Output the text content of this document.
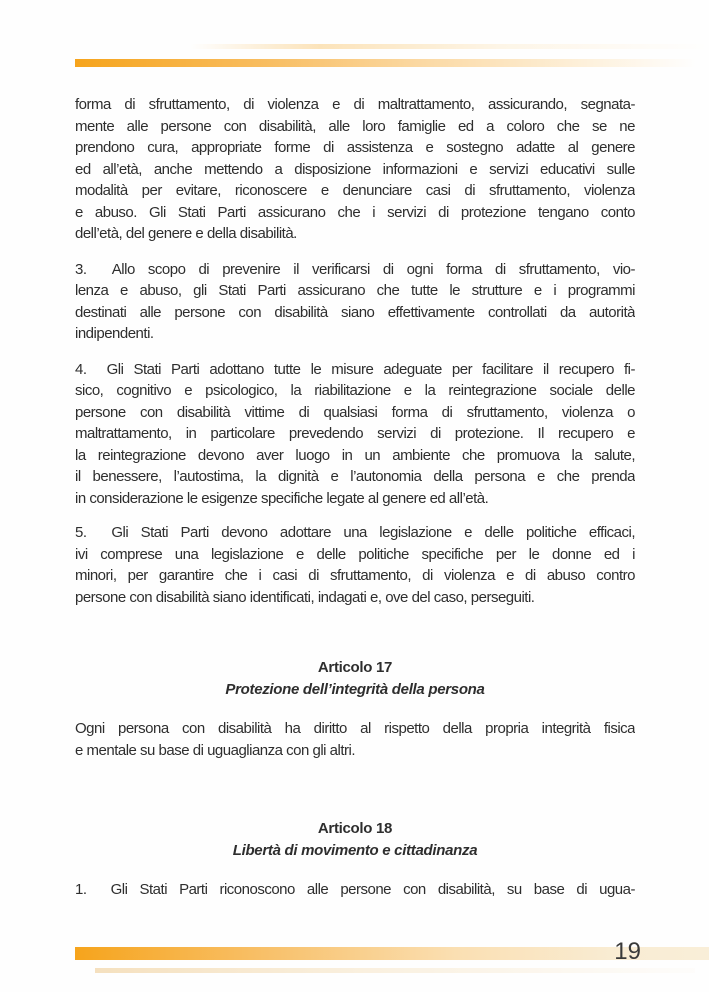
forma di sfruttamento, di violenza e di maltrattamento, assicurando, segnata-
mente alle persone con disabilità, alle loro famiglie ed a coloro che se ne
prendono cura, appropriate forme di assistenza e sostegno adatte al genere
ed all’età, anche mettendo a disposizione informazioni e servizi educativi sulle
modalità per evitare, riconoscere e denunciare casi di sfruttamento, violenza
e abuso. Gli Stati Parti assicurano che i servizi di protezione tengano conto
dell’età, del genere e della disabilità.
3.  Allo scopo di prevenire il verificarsi di ogni forma di sfruttamento, vio-
lenza e abuso, gli Stati Parti assicurano che tutte le strutture e i programmi
destinati alle persone con disabilità siano effettivamente controllati da autorità
indipendenti.
4.  Gli Stati Parti adottano tutte le misure adeguate per facilitare il recupero fi-
sico, cognitivo e psicologico, la riabilitazione e la reintegrazione sociale delle
persone con disabilità vittime di qualsiasi forma di sfruttamento, violenza o
maltrattamento, in particolare prevedendo servizi di protezione. Il recupero e
la reintegrazione devono aver luogo in un ambiente che promuova la salute,
il benessere, l’autostima, la dignità e l’autonomia della persona e che prenda
in considerazione le esigenze specifiche legate al genere ed all’età.
5.  Gli Stati Parti devono adottare una legislazione e delle politiche efficaci,
ivi comprese una legislazione e delle politiche specifiche per le donne ed i
minori, per garantire che i casi di sfruttamento, di violenza e di abuso contro
persone con disabilità siano identificati, indagati e, ove del caso, perseguiti.
Articolo 17
Protezione dell’integrità della persona
Ogni persona con disabilità ha diritto al rispetto della propria integrità fisica
e mentale su base di uguaglianza con gli altri.
Articolo 18
Libertà di movimento e cittadinanza
1.  Gli Stati Parti riconoscono alle persone con disabilità, su base di ugua-
19
